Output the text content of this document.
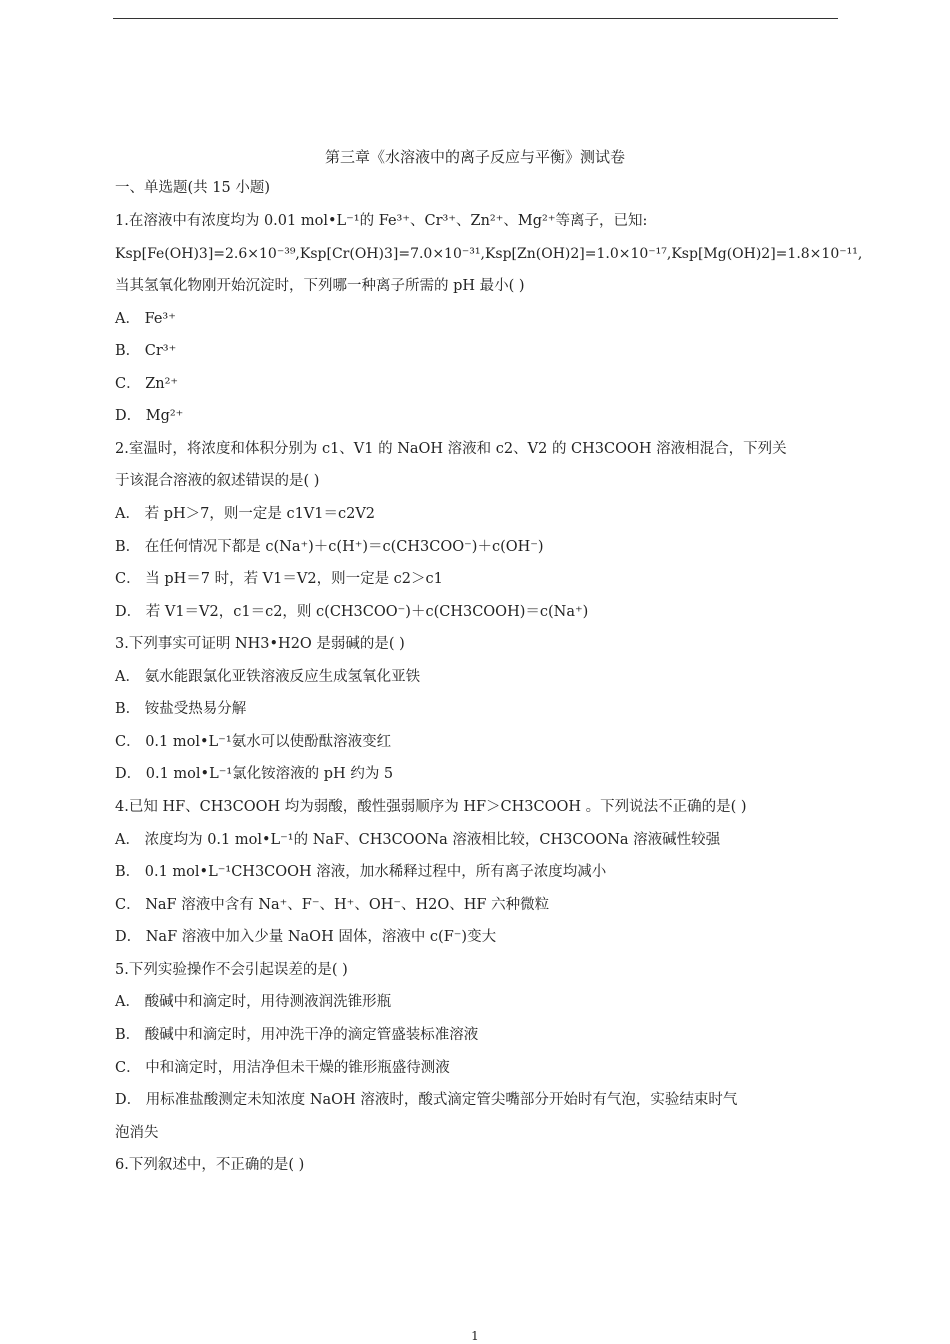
第三章《水溶液中的离子反应与平衡》测试卷
一、单选题(共 15 小题)
1.在溶液中有浓度均为 0.01 mol•L⁻¹的 Fe³⁺、Cr³⁺、Zn²⁺、Mg²⁺等离子，已知:
Ksp[Fe(OH)3]=2.6×10⁻³⁹,Ksp[Cr(OH)3]=7.0×10⁻³¹,Ksp[Zn(OH)2]=1.0×10⁻¹⁷,Ksp[Mg(OH)2]=1.8×10⁻¹¹,
当其氢氧化物刚开始沉淀时，下列哪一种离子所需的 pH 最小( )
A． Fe³⁺
B． Cr³⁺
C． Zn²⁺
D． Mg²⁺
2.室温时，将浓度和体积分别为 c1、V1 的 NaOH 溶液和 c2、V2 的 CH3COOH 溶液相混合，下列关
于该混合溶液的叙述错误的是( )
A． 若 pH＞7，则一定是 c1V1＝c2V2
B． 在任何情况下都是 c(Na⁺)＋c(H⁺)＝c(CH3COO⁻)＋c(OH⁻)
C． 当 pH＝7 时，若 V1＝V2，则一定是 c2＞c1
D． 若 V1＝V2，c1＝c2，则 c(CH3COO⁻)＋c(CH3COOH)＝c(Na⁺)
3.下列事实可证明 NH3•H2O 是弱碱的是( )
A． 氨水能跟氯化亚铁溶液反应生成氢氧化亚铁
B． 铵盐受热易分解
C． 0.1 mol•L⁻¹氨水可以使酚酞溶液变红
D． 0.1 mol•L⁻¹氯化铵溶液的 pH 约为 5
4.已知 HF、CH3COOH 均为弱酸，酸性强弱顺序为 HF＞CH3COOH 。下列说法不正确的是( )
A． 浓度均为 0.1 mol•L⁻¹的 NaF、CH3COONa 溶液相比较，CH3COONa 溶液碱性较强
B． 0.1 mol•L⁻¹CH3COOH 溶液，加水稀释过程中，所有离子浓度均减小
C． NaF 溶液中含有 Na⁺、F⁻、H⁺、OH⁻、H2O、HF 六种微粒
D． NaF 溶液中加入少量 NaOH 固体，溶液中 c(F⁻)变大
5.下列实验操作不会引起误差的是( )
A． 酸碱中和滴定时，用待测液润洗锥形瓶
B． 酸碱中和滴定时，用冲洗干净的滴定管盛装标准溶液
C． 中和滴定时，用洁净但未干燥的锥形瓶盛待测液
D． 用标准盐酸测定未知浓度 NaOH 溶液时，酸式滴定管尖嘴部分开始时有气泡，实验结束时气
泡消失
6.下列叙述中，不正确的是( )
1
